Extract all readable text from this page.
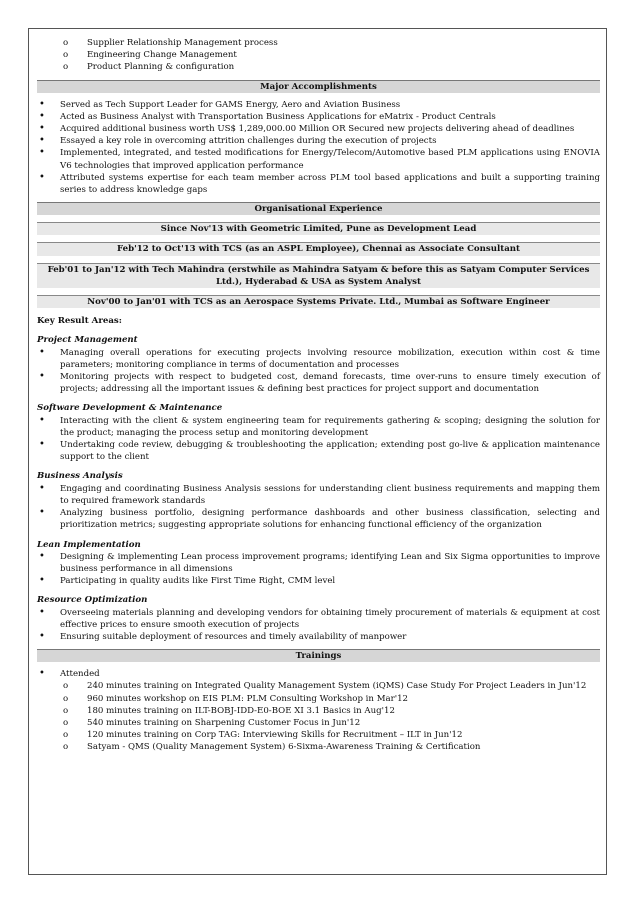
o Supplier Relationship Management process
o Engineering Change Management
o Product Planning & configuration
Major Accomplishments
• Served as Tech Support Leader for GAMS Energy, Aero and Aviation Business
• Acted as Business Analyst with Transportation Business Applications for eMatrix - Product Centrals
• Acquired additional business worth US$ 1,289,000.00 Million OR Secured new projects delivering ahead of deadlines
• Essayed a key role in overcoming attrition challenges during the execution of projects
• Implemented, integrated, and tested modifications for Energy/Telecom/Automotive based PLM applications using ENOVIA V6 technologies that improved application performance
• Attributed systems expertise for each team member across PLM tool based applications and built a supporting training series to address knowledge gaps
Organisational Experience
Since Nov'13 with Geometric Limited, Pune as Development Lead
Feb'12 to Oct'13 with TCS (as an ASPL Employee), Chennai as Associate Consultant
Feb'01 to Jan'12 with Tech Mahindra (erstwhile as Mahindra Satyam & before this as Satyam Computer Services Ltd.), Hyderabad & USA as System Analyst
Nov'00 to Jan'01 with TCS as an Aerospace Systems Private. Ltd., Mumbai as Software Engineer
Key Result Areas:
Project Management
• Managing overall operations for executing projects involving resource mobilization, execution within cost & time parameters; monitoring compliance in terms of documentation and processes
• Monitoring projects with respect to budgeted cost, demand forecasts, time over-runs to ensure timely execution of projects; addressing all the important issues & defining best practices for project support and documentation
Software Development & Maintenance
• Interacting with the client & system engineering team for requirements gathering & scoping; designing the solution for the product; managing the process setup and monitoring development
• Undertaking code review, debugging & troubleshooting the application; extending post go-live & application maintenance support to the client
Business Analysis
• Engaging and coordinating Business Analysis sessions for understanding client business requirements and mapping them to required framework standards
• Analyzing business portfolio, designing performance dashboards and other business classification, selecting and prioritization metrics; suggesting appropriate solutions for enhancing functional efficiency of the organization
Lean Implementation
• Designing & implementing Lean process improvement programs; identifying Lean and Six Sigma opportunities to improve business performance in all dimensions
• Participating in quality audits like First Time Right, CMM level
Resource Optimization
• Overseeing materials planning and developing vendors for obtaining timely procurement of materials & equipment at cost effective prices to ensure smooth execution of projects
• Ensuring suitable deployment of resources and timely availability of manpower
Trainings
• Attended
o 240 minutes training on Integrated Quality Management System (iQMS) Case Study For Project Leaders in Jun'12
o 960 minutes workshop on EIS PLM: PLM Consulting Workshop in Mar'12
o 180 minutes training on ILT-BOBJ-IDD-E0-BOE XI 3.1 Basics in Aug'12
o 540 minutes training on Sharpening Customer Focus in Jun'12
o 120 minutes training on Corp TAG: Interviewing Skills for Recruitment – ILT in Jun'12
o Satyam - QMS (Quality Management System) 6-Sixma-Awareness Training & Certification
